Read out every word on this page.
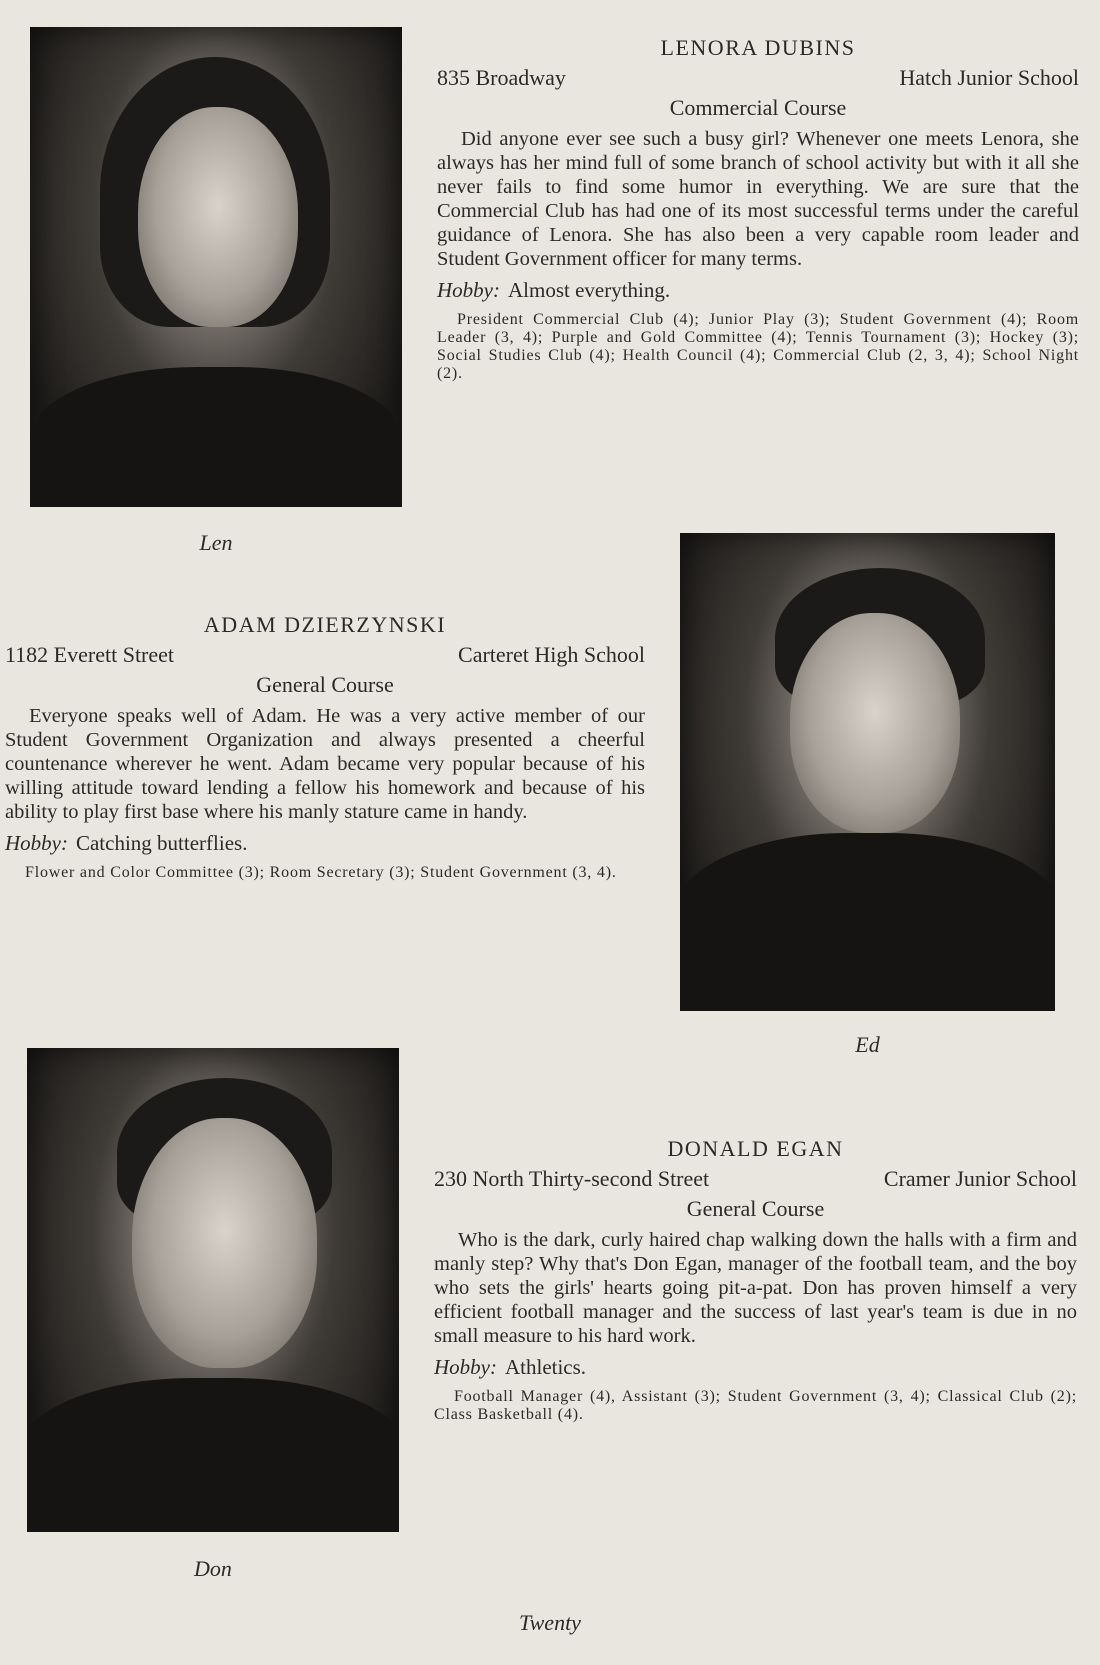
Len
LENORA DUBINS
835 Broadway	Hatch Junior School
Commercial Course
Did anyone ever see such a busy girl? Whenever one meets Lenora, she always has her mind full of some branch of school activity but with it all she never fails to find some humor in everything. We are sure that the Commercial Club has had one of its most successful terms under the careful guidance of Lenora. She has also been a very capable room leader and Student Government officer for many terms.
Hobby: Almost everything.
President Commercial Club (4); Junior Play (3); Student Government (4); Room Leader (3, 4); Purple and Gold Committee (4); Tennis Tournament (3); Hockey (3); Social Studies Club (4); Health Council (4); Commercial Club (2, 3, 4); School Night (2).
Ed
ADAM DZIERZYNSKI
1182 Everett Street	Carteret High School
General Course
Everyone speaks well of Adam. He was a very active member of our Student Government Organization and always presented a cheerful countenance wherever he went. Adam became very popular because of his willing attitude toward lending a fellow his homework and because of his ability to play first base where his manly stature came in handy.
Hobby: Catching butterflies.
Flower and Color Committee (3); Room Secretary (3); Student Government (3, 4).
Don
DONALD EGAN
230 North Thirty-second Street	Cramer Junior School
General Course
Who is the dark, curly haired chap walking down the halls with a firm and manly step? Why that's Don Egan, manager of the football team, and the boy who sets the girls' hearts going pit-a-pat. Don has proven himself a very efficient football manager and the success of last year's team is due in no small measure to his hard work.
Hobby: Athletics.
Football Manager (4), Assistant (3); Student Government (3, 4); Classical Club (2); Class Basketball (4).
Twenty
